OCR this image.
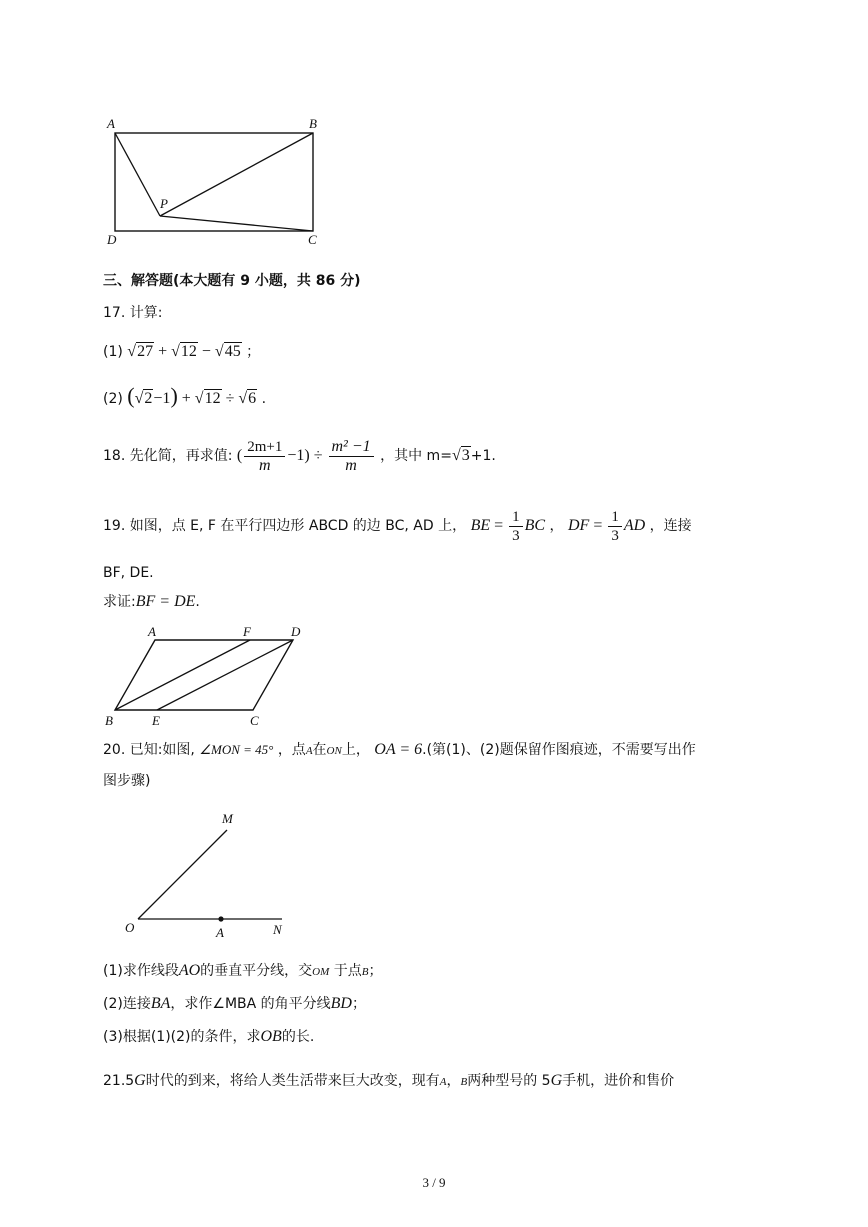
A	B
P
D	C
三、解答题(本大题有 9 小题，共 86 分)
17. 计算:
(1) √27 + √12 − √45 ；
(2) (√2−1) + √12 ÷ √6 .
18. 先化简，再求值: ( $\frac{2m+1}{m} -1) \div \frac{\text{m² −1}}{m}$ ，其中 m=√3+1.
19. 如图，点 E, F 在平行四边形 ABCD 的边 BC, AD 上， BE = $\frac{1}{3}$ BC ， DF = $\frac{1}{3}$ AD ，连接
BF, DE.
求证:BF = DE.
A	F	D
B	E	C
20. 已知:如图, ∠MON = 45° ，点A在ON上， OA = 6.(第(1)、(2)题保留作图痕迹，不需要写出作
图步骤)
M
O	A	N
(1)求作线段AO的垂直平分线，交OM 于点B；
(2)连接BA，求作∠MBA 的角平分线BD；
(3)根据(1)(2)的条件，求OB的长.
21.5G时代的到来，将给人类生活带来巨大改变，现有A，B两种型号的 5G手机，进价和售价
3 / 9
